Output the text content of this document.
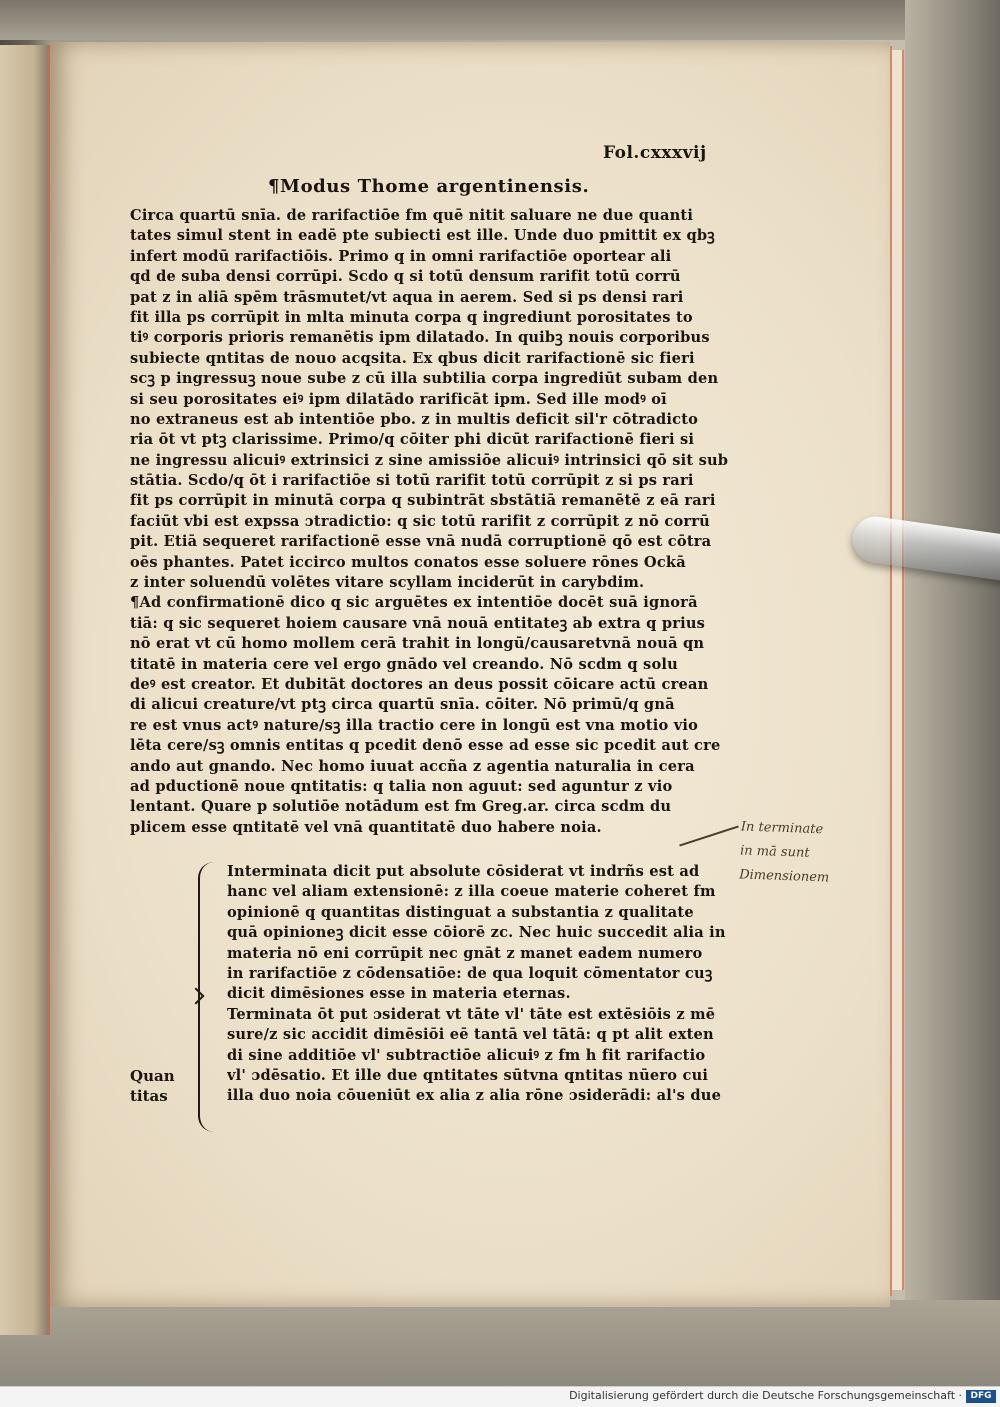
Fol.cxxxvij
¶Modus Thome argentinensis.
Circa quartū snīa. de rarifactiōe fm quē nitit saluare ne due quanti
tates simul stent in eadē pte subiecti est ille. Unde duo pmittit ex qbꝫ
infert modū rarifactiōis. Primo q in omni rarifactiōe oportear ali
qd de suba densi corrūpi. Scdo q si totū densum rarifit totū corrū
pat z in aliā spēm trāsmutet/vt aqua in aerem. Sed si ps densi rari
fit illa ps corrūpit in mlta minuta corpa q ingrediunt porositates to
tiꝰ corporis prioris remanētis ipm dilatado. In quibꝫ nouis corporibus
subiecte qntitas de nouo acqsita. Ex qbus dicit rarifactionē sic fieri
scꝫ p ingressuꝫ noue sube z cū illa subtilia corpa ingrediūt subam den
si seu porositates eiꝰ ipm dilatādo rarificāt ipm. Sed ille modꝰ oī
no extraneus est ab intentiōe pbo. z in multis deficit sil'r cōtradicto
ria ōt vt ptꝫ clarissime. Primo/q cōiter phi dicūt rarifactionē fieri si
ne ingressu alicuiꝰ extrinsici z sine amissiōe alicuiꝰ intrinsici qō sit sub
stātia. Scdo/q ōt i rarifactiōe si totū rarifit totū corrūpit z si ps rari
fit ps corrūpit in minutā corpa q subintrāt sbstātiā remanētē z eā rari
faciūt vbi est expssa ɔtradictio: q sic totū rarifit z corrūpit z nō corrū
pit. Etiā sequeret rarifactionē esse vnā nudā corruptionē qō est cōtra
oēs phantes. Patet iccirco multos conatos esse soluere rōnes Ockā
z inter soluendū volētes vitare scyllam inciderūt in carybdim.
¶Ad confirmationē dico q sic arguētes ex intentiōe docēt suā ignorā
tiā: q sic sequeret hoiem causare vnā nouā entitateꝫ ab extra q prius
nō erat vt cū homo mollem cerā trahit in longū/causaretvnā nouā qn
titatē in materia cere vel ergo gnādo vel creando. Nō scdm q solu
deꝰ est creator. Et dubitāt doctores an deus possit cōicare actū crean
di alicui creature/vt ptꝫ circa quartū snīa. cōiter. Nō primū/q gnā
re est vnus actꝰ nature/sꝫ illa tractio cere in longū est vna motio vio
lēta cere/sꝫ omnis entitas q pcedit denō esse ad esse sic pcedit aut cre
ando aut gnando. Nec homo iuuat accña z agentia naturalia in cera
ad pductionē noue qntitatis: q talia non aguut: sed aguntur z vio
lentant. Quare p solutiōe notādum est fm Greg.ar. circa scdm du
plicem esse qntitatē vel vnā quantitatē duo habere noia.
Interminata dicit put absolute cōsiderat vt indrñs est ad
hanc vel aliam extensionē: z illa coeue materie coheret fm
opinionē q quantitas distinguat a substantia z qualitate
quā opinioneꝫ dicit esse cōiorē zc. Nec huic succedit alia in
materia nō eni corrūpit nec gnāt z manet eadem numero
in rarifactiōe z cōdensatiōe: de qua loquit cōmentator cuꝫ
dicit dimēsiones esse in materia eternas.
Terminata ōt put ɔsiderat vt tāte vl' tāte est extēsiōis z mē
sure/z sic accidit dimēsiōi eē tantā vel tātā: q pt alit exten
di sine additiōe vl' subtractiōe alicuiꝰ z fm h fit rarifactio
vl' ɔdēsatio. Et ille due qntitates sūtvna qntitas nūero cui
illa duo noia cōueniūt ex alia z alia rōne ɔsiderādi: al's due
Quan
titas
In terminate
in mā sunt
Dimensionem
Digitalisierung gefördert durch die Deutsche Forschungsgemeinschaft · DFG
